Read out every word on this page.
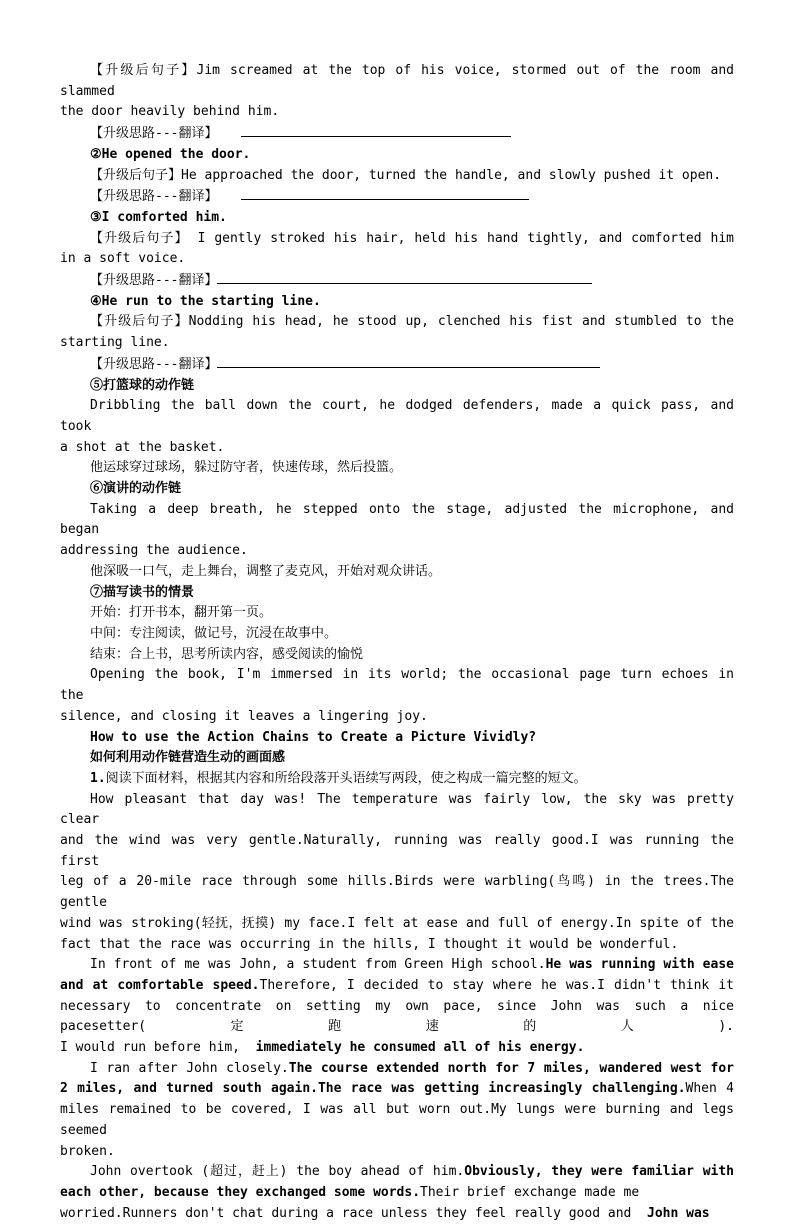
【升级后句子】Jim screamed at the top of his voice, stormed out of the room and slammed
the door heavily behind him.
【升级思路---翻译】
②He opened the door.
【升级后句子】He approached the door, turned the handle, and slowly pushed it open.
【升级思路---翻译】
③I comforted him.
【升级后句子】 I gently stroked his hair, held his hand tightly, and comforted him
in a soft voice.
【升级思路---翻译】
④He run to the starting line.
【升级后句子】Nodding his head, he stood up, clenched his fist and stumbled to the
starting line.
【升级思路---翻译】
⑤打篮球的动作链
Dribbling the ball down the court, he dodged defenders, made a quick pass, and took
a shot at the basket.
他运球穿过球场，躲过防守者，快速传球，然后投篮。
⑥演讲的动作链
Taking a deep breath, he stepped onto the stage, adjusted the microphone, and began
addressing the audience.
他深吸一口气，走上舞台，调整了麦克风，开始对观众讲话。
⑦描写读书的情景
开始：打开书本，翻开第一页。
中间：专注阅读，做记号，沉浸在故事中。
结束：合上书，思考所读内容，感受阅读的愉悦
Opening the book, I'm immersed in its world; the occasional page turn echoes in the
silence, and closing it leaves a lingering joy.
How to use the Action Chains to Create a Picture Vividly?
如何利用动作链营造生动的画面感
1.阅读下面材料，根据其内容和所给段落开头语续写两段，使之构成一篇完整的短文。
How pleasant that day was! The temperature was fairly low, the sky was pretty clear
and the wind was very gentle.Naturally, running was really good.I was running the first
leg of a 20-mile race through some hills.Birds were warbling(鸟鸣) in the trees.The gentle
wind was stroking(轻抚，抚摸) my face.I felt at ease and full of energy.In spite of the
fact that the race was occurring in the hills, I thought it would be wonderful.
In front of me was John, a student from Green High school.He was running with ease
and at comfortable speed.Therefore, I decided to stay where he was.I didn't think it
necessary to concentrate on setting my own pace, since John was such a nice pacesetter(定跑速的人).
I would run before him, immediately he consumed all of his energy.
I ran after John closely.The course extended north for 7 miles, wandered west for
2 miles, and turned south again.The race was getting increasingly challenging.When 4
miles remained to be covered, I was all but worn out.My lungs were burning and legs seemed
broken.
John overtook (超过，赶上) the boy ahead of him.Obviously, they were familiar with
each other, because they exchanged some words.Their brief exchange made me
worried.Runners don't chat during a race unless they feel really good and John was
